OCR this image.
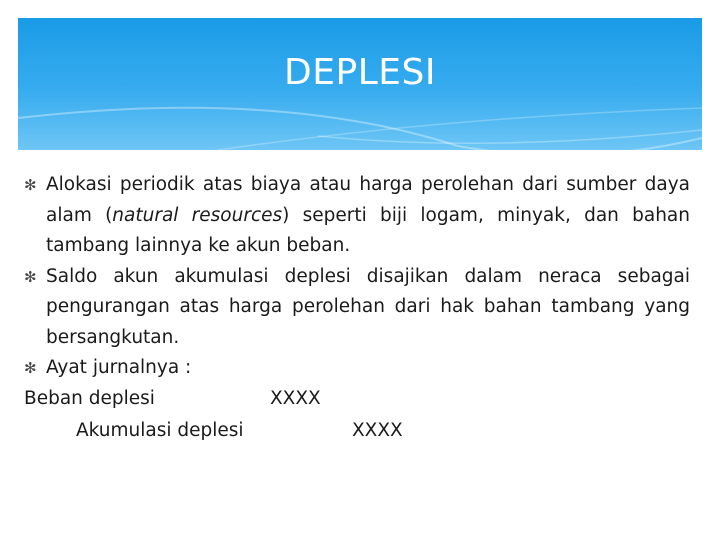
DEPLESI
✻ Alokasi periodik atas biaya atau harga perolehan dari sumber daya alam (natural resources) seperti biji logam, minyak, dan bahan tambang lainnya ke akun beban.
✻ Saldo akun akumulasi deplesi disajikan dalam neraca sebagai pengurangan atas harga perolehan dari hak bahan tambang yang bersangkutan.
✻ Ayat jurnalnya :
Beban deplesi	XXXX
Akumulasi deplesi	XXXX
